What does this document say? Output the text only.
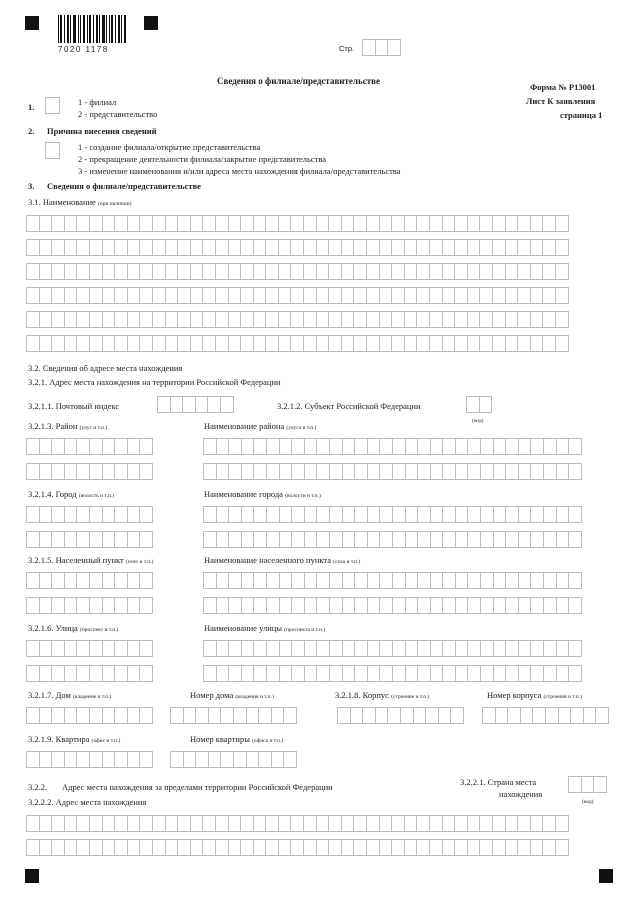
7020 1178	Стр.
Сведения о филиале/представительстве
Форма № Р13001
Лист К заявления
страница 1
1.	1 - филиал
2 - представительство
2. Причина внесения сведений
1 - создание филиала/открытие представительства
2 - прекращение деятельности филиала/закрытие представительства
3 - изменение наименования и/или адреса места нахождения филиала/представительства
3. Сведения о филиале/представительстве
3.1. Наименование (при наличии)
3.2. Сведения об адресе места нахождения
3.2.1. Адрес места нахождения на территории Российской Федерации
3.2.1.1. Почтовый индекс	3.2.1.2. Субъект Российской Федерации
(код)
3.2.1.3. Район (улус и т.п.)	Наименование района (улуса и т.п.)
3.2.1.4. Город (волость и т.п.)	Наименование города (волости и т.п.)
3.2.1.5. Населенный пункт (село и т.п.)	Наименование населенного пункта (села и т.п.)
3.2.1.6. Улица (проспект и т.п.)	Наименование улицы (проспекта и т.п.)
3.2.1.7. Дом (владение и т.п.)	Номер дома (владения и т.п.)	3.2.1.8. Корпус (строение и т.п.)	Номер корпуса (строения и т.п.)
3.2.1.9. Квартира (офис и т.п.)	Номер квартиры (офиса и т.п.)
3.2.2. Адрес места нахождения за пределами территории Российской Федерации	3.2.2.1. Страна места
нахождения
(код)
3.2.2.2. Адрес места нахождения
